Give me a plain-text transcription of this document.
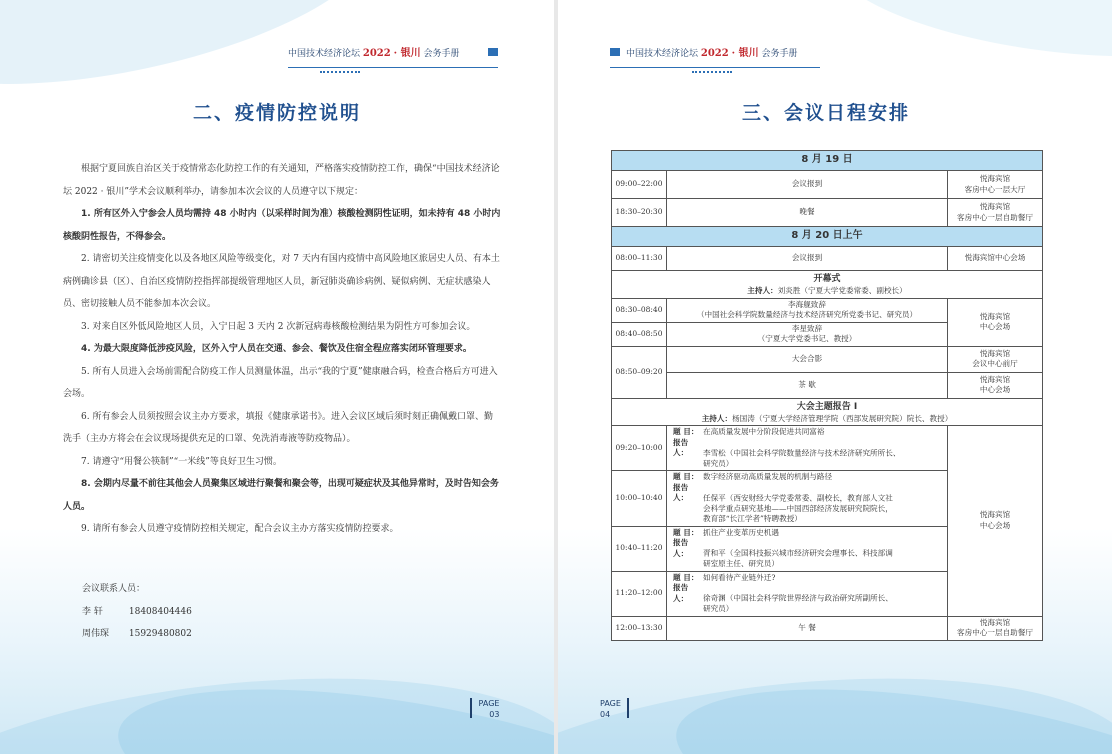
中国技术经济论坛 2022 · 银川 会务手册
二、疫情防控说明

根据宁夏回族自治区关于疫情常态化防控工作的有关通知，严格落实疫情防控工作，确保“中国技术经济论坛 2022 · 银川”学术会议顺利举办，请参加本次会议的人员遵守以下规定：

1. 所有区外入宁参会人员均需持 48 小时内（以采样时间为准）核酸检测阴性证明，如未持有 48 小时内核酸阴性报告，不得参会。

2. 请密切关注疫情变化以及各地区风险等级变化，对 7 天内有国内疫情中高风险地区旅居史人员、有本土病例确诊县（区）、自治区疫情防控指挥部提级管理地区人员，新冠肺炎确诊病例、疑似病例、无症状感染人员、密切接触人员不能参加本次会议。

3. 对来自区外低风险地区人员，入宁日起 3 天内 2 次新冠病毒核酸检测结果为阴性方可参加会议。

4. 为最大限度降低涉疫风险，区外入宁人员在交通、参会、餐饮及住宿全程应落实闭环管理要求。

5. 所有人员进入会场前需配合防疫工作人员测量体温，出示“我的宁夏”健康融合码，检查合格后方可进入会场。

6. 所有参会人员须按照会议主办方要求，填报《健康承诺书》。进入会议区域后须时刻正确佩戴口罩、勤洗手（主办方将会在会议现场提供充足的口罩、免洗消毒液等防疫物品）。

7. 请遵守“用餐公筷制”“一米线”等良好卫生习惯。

8. 会期内尽量不前往其他会人员聚集区域进行聚餐和聚会等，出现可疑症状及其他异常时，及时告知会务人员。

9. 请所有参会人员遵守疫情防控相关规定，配合会议主办方落实疫情防控要求。

会议联系人员：
李 轩	18408404446
周伟琛 15929480802
PAGE
03
中国技术经济论坛 2022 · 银川 会务手册
三、会议日程安排
8 月 19 日		
09:00–22:00	会议报到	悦海宾馆
客房中心一层大厅
18:30–20:30	晚餐	悦海宾馆
客房中心一层自助餐厅
8 月 20 日上午		
08:00–11:30	会议报到	悦海宾馆中心会场

开幕式
主持人：刘炎胜（宁夏大学党委常委、副校长）		

08:30–08:40	李海舰致辞
（中国社会科学院数量经济与技术经济研究所党委书记、研究员）	悦海宾馆
中心会场
08:40–08:50	李星致辞
（宁夏大学党委书记、教授）	
08:50–09:20	大会合影	悦海宾馆
会议中心前厅
	茶 歇	悦海宾馆
中心会场

大会主题报告 I
主持人：杨国涛（宁夏大学经济管理学院（西部发展研究院）院长、教授）		

09:20–10:00	题 目： 在高质量发展中分阶段促进共同富裕
报告人： 李雪松（中国社会科学院数量经济与技术经济研究所所长、
研究员）	悦海宾馆
中心会场
10:00–10:40	题 目： 数字经济驱动高质量发展的机制与路径
报告人： 任保平（西安财经大学党委常委、副校长，教育部人文社
会科学重点研究基地——中国西部经济发展研究院院长，
教育部“长江学者”特聘教授）	

10:40–11:20	题 目： 抓住产业变革历史机遇
报告人： 胥和平（全国科技振兴城市经济研究会理事长、科技部调
研室原主任、研究员）	

11:20–12:00	题 目： 如何看待产业链外迁?
报告人： 徐奇渊（中国社会科学院世界经济与政治研究所副所长、
研究员）	

12:00–13:30	午 餐	悦海宾馆
客房中心一层自助餐厅
PAGE
04
